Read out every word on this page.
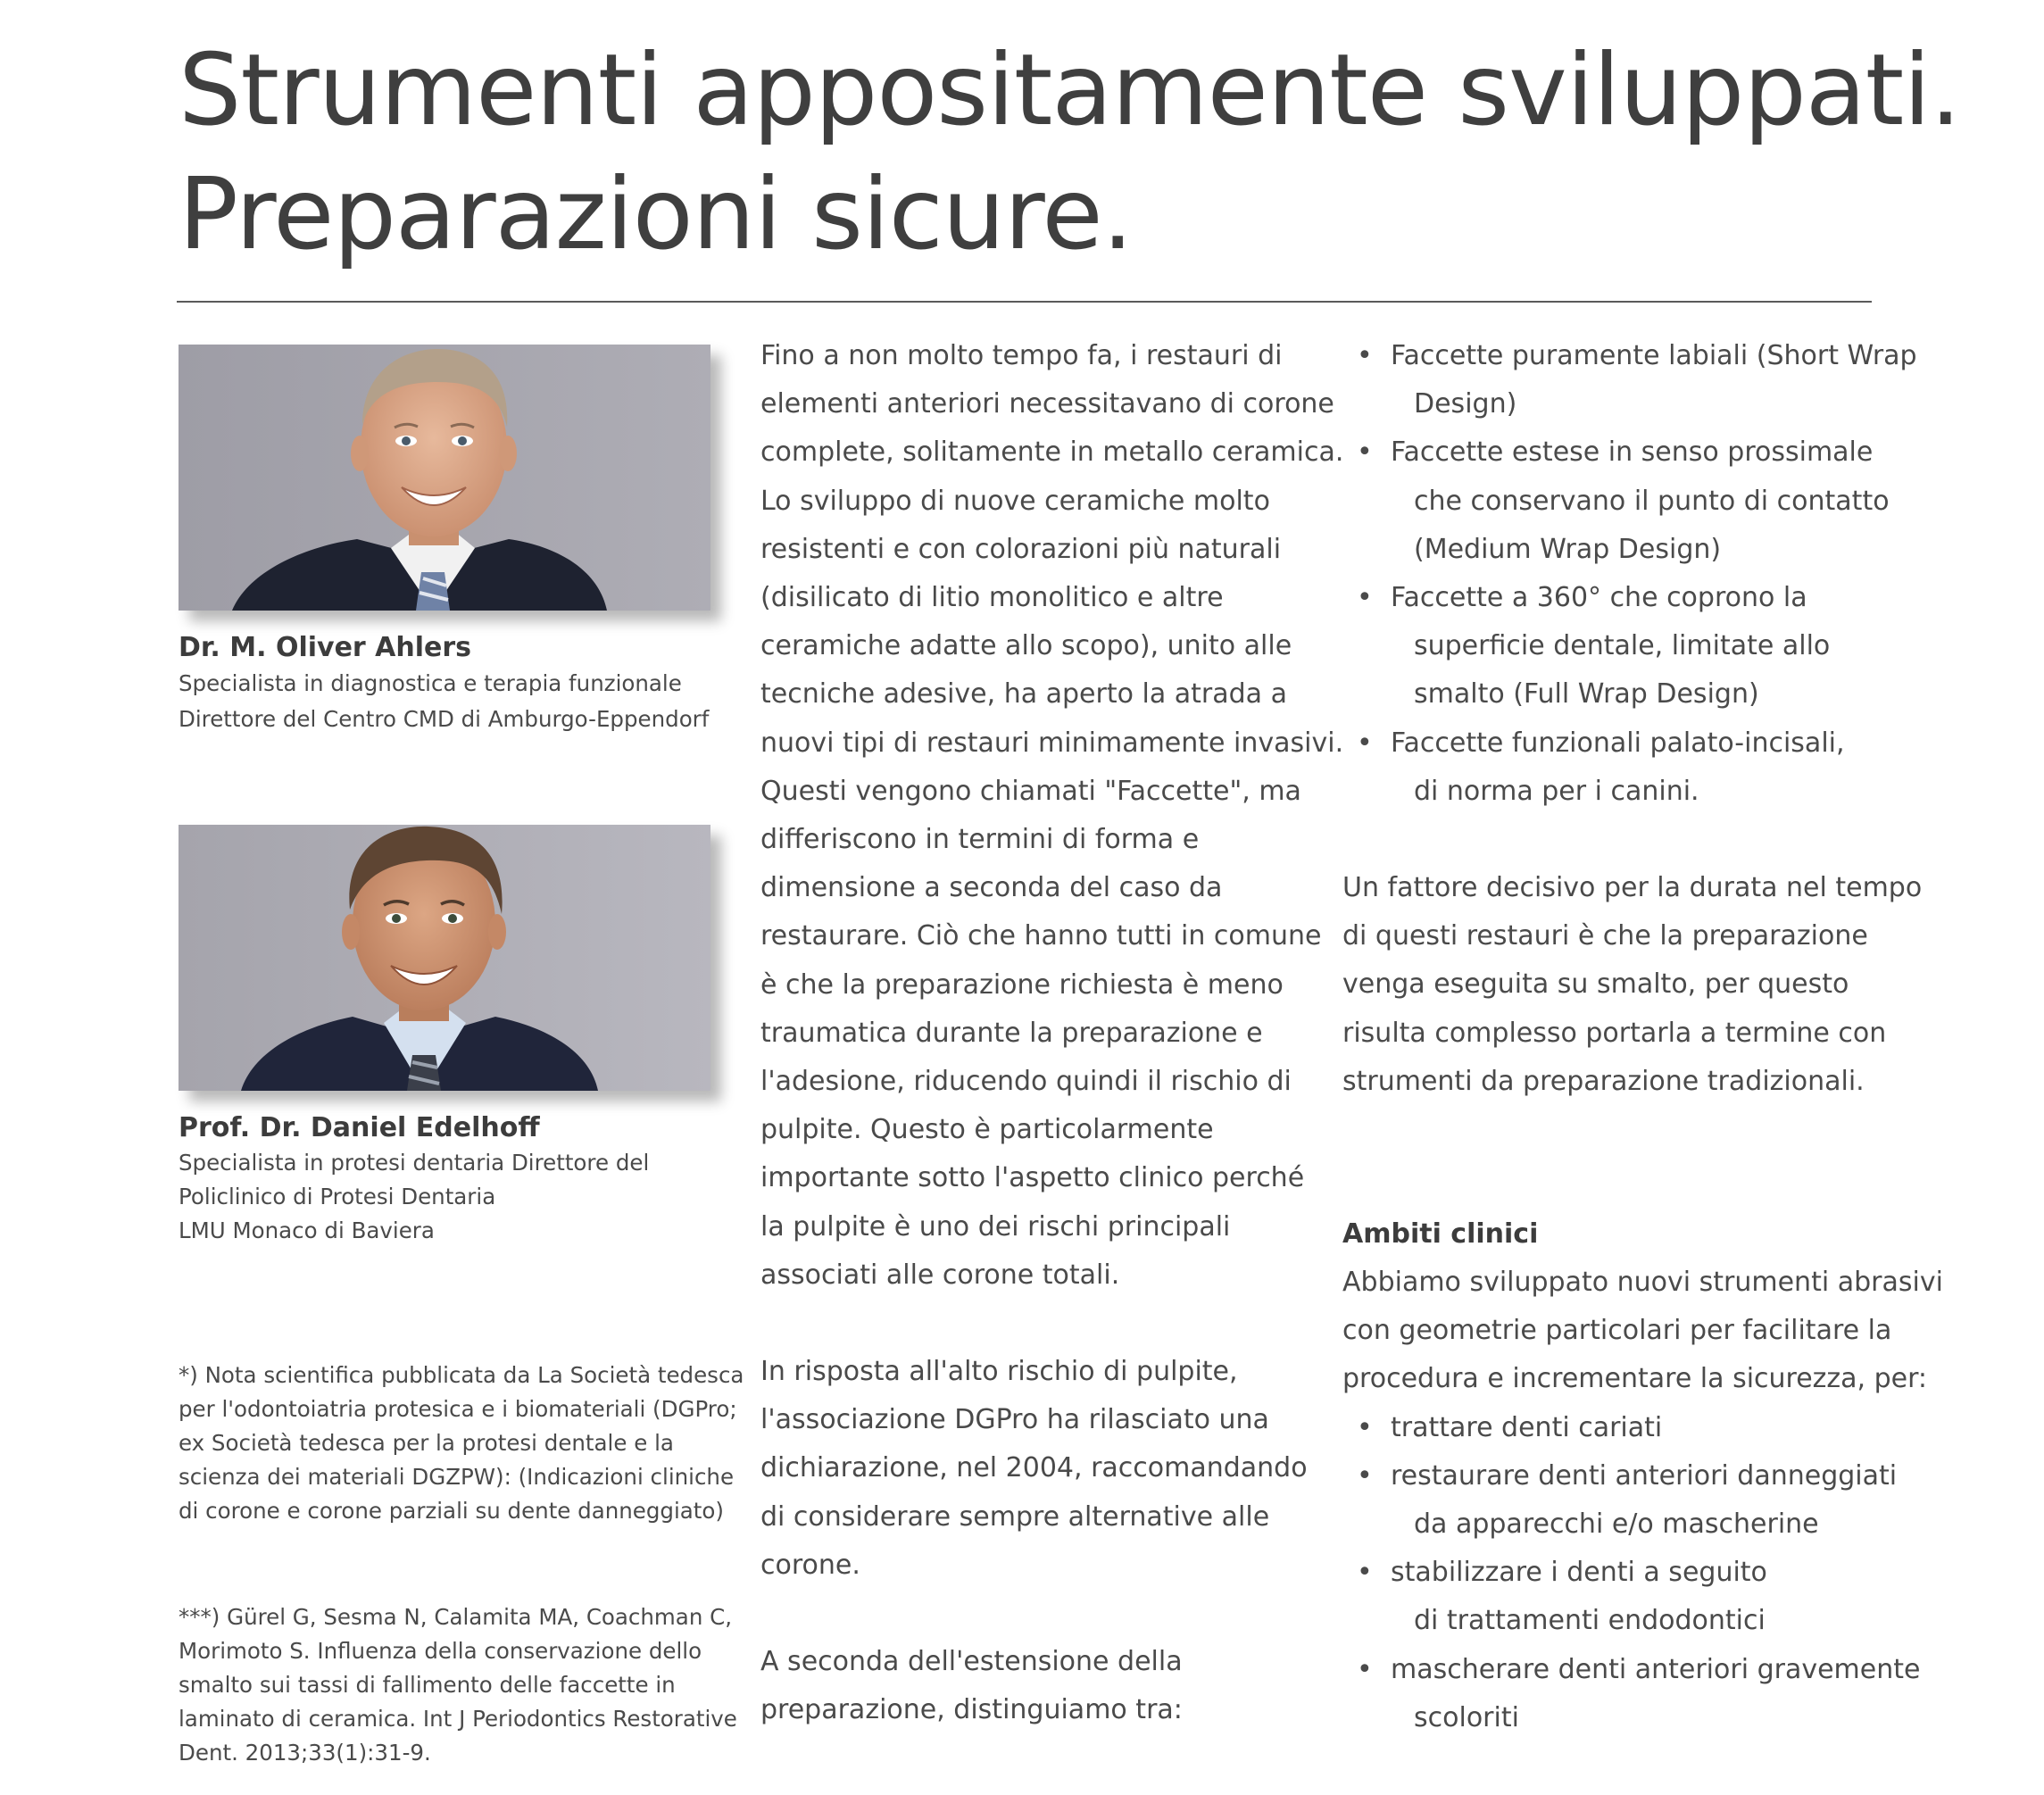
Strumenti appositamente sviluppati.
Preparazioni sicure.
Dr. M. Oliver Ahlers
Specialista in diagnostica e terapia funzionale
Direttore del Centro CMD di Amburgo-Eppendorf
Prof. Dr. Daniel Edelhoff
Specialista in protesi dentaria Direttore del
Policlinico di Protesi Dentaria
LMU Monaco di Baviera
*) Nota scientifica pubblicata da La Società tedesca
per l'odontoiatria protesica e i biomateriali (DGPro;
ex Società tedesca per la protesi dentale e la
scienza dei materiali DGZPW): (Indicazioni cliniche
di corone e corone parziali su dente danneggiato)
***) Gürel G, Sesma N, Calamita MA, Coachman C,
Morimoto S. Influenza della conservazione dello
smalto sui tassi di fallimento delle faccette in
laminato di ceramica. Int J Periodontics Restorative
Dent. 2013;33(1):31-9.
Fino a non molto tempo fa, i restauri di
elementi anteriori necessitavano di corone
complete, solitamente in metallo ceramica.
Lo sviluppo di nuove ceramiche molto
resistenti e con colorazioni più naturali
(disilicato di litio monolitico e altre
ceramiche adatte allo scopo), unito alle
tecniche adesive, ha aperto la atrada a
nuovi tipi di restauri minimamente invasivi.
Questi vengono chiamati "Faccette", ma
differiscono in termini di forma e
dimensione a seconda del caso da
restaurare. Ciò che hanno tutti in comune
è che la preparazione richiesta è meno
traumatica durante la preparazione e
l'adesione, riducendo quindi il rischio di
pulpite. Questo è particolarmente
importante sotto l'aspetto clinico perché
la pulpite è uno dei rischi principali
associati alle corone totali.
In risposta all'alto rischio di pulpite,
l'associazione DGPro ha rilasciato una
dichiarazione, nel 2004, raccomandando
di considerare sempre alternative alle
corone.
A seconda dell'estensione della
preparazione, distinguiamo tra:
• Faccette puramente labiali (Short Wrap
Design)
• Faccette estese in senso prossimale
che conservano il punto di contatto
(Medium Wrap Design)
• Faccette a 360° che coprono la
superficie dentale, limitate allo
smalto (Full Wrap Design)
• Faccette funzionali palato-incisali,
di norma per i canini.
Un fattore decisivo per la durata nel tempo
di questi restauri è che la preparazione
venga eseguita su smalto, per questo
risulta complesso portarla a termine con
strumenti da preparazione tradizionali.
Ambiti clinici
Abbiamo sviluppato nuovi strumenti abrasivi
con geometrie particolari per facilitare la
procedura e incrementare la sicurezza, per:
• trattare denti cariati
• restaurare denti anteriori danneggiati
da apparecchi e/o mascherine
• stabilizzare i denti a seguito
di trattamenti endodontici
• mascherare denti anteriori gravemente
scoloriti
